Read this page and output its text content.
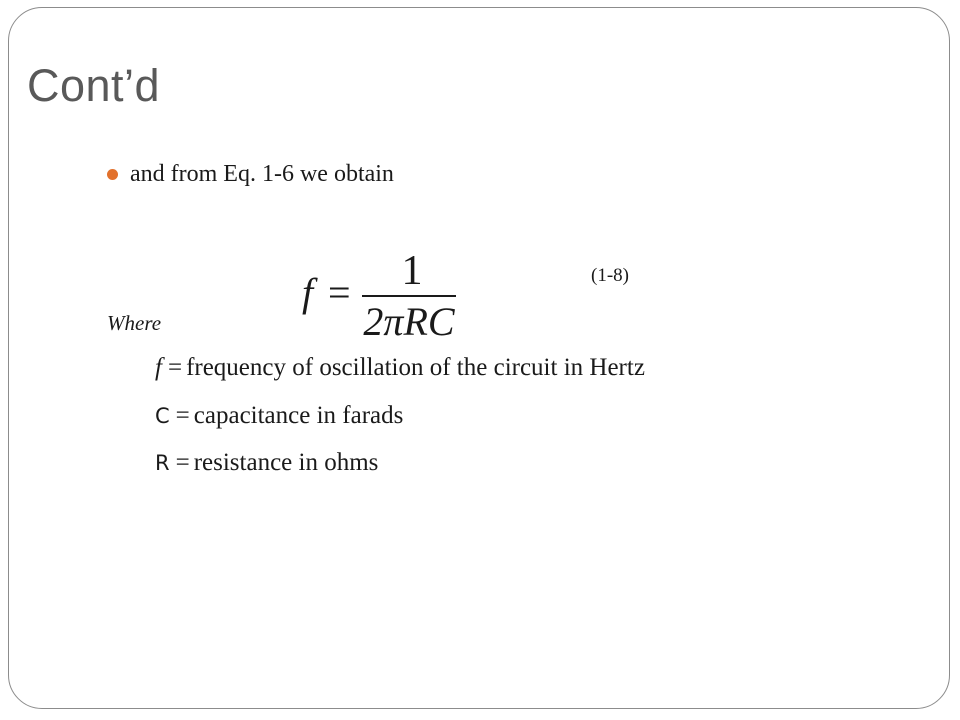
Cont’d
and from Eq. 1-6 we obtain
f = 1
2πRC
(1-8)
Where
f = frequency of oscillation of the circuit in Hertz
C = capacitance in farads
R = resistance in ohms
